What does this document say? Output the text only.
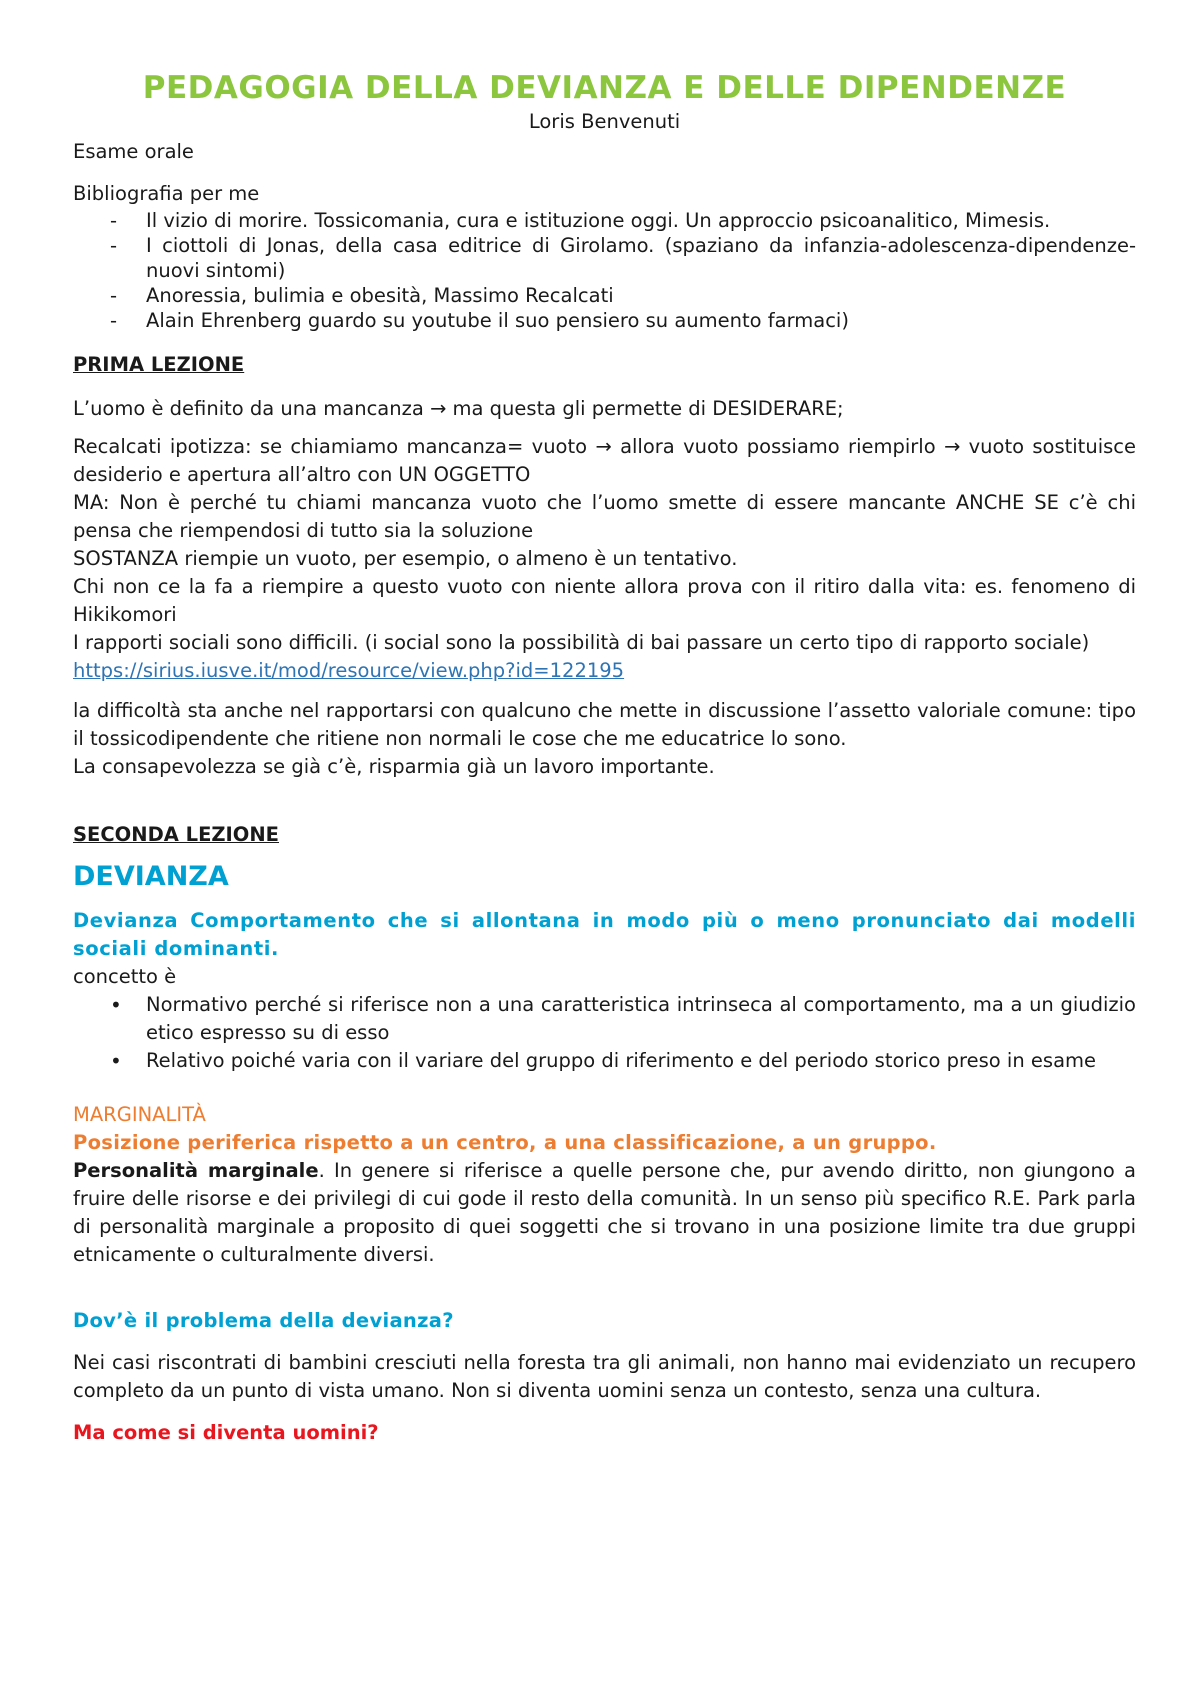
PEDAGOGIA DELLA DEVIANZA E DELLE DIPENDENZE

Loris Benvenuti

Esame orale

Bibliografia per me

- Il vizio di morire. Tossicomania, cura e istituzione oggi. Un approccio psicoanalitico, Mimesis.
- I ciottoli di Jonas, della casa editrice di Girolamo. (spaziano da infanzia-adolescenza-dipendenze- nuovi sintomi)
- Anoressia, bulimia e obesità, Massimo Recalcati
- Alain Ehrenberg guardo su youtube il suo pensiero su aumento farmaci)

PRIMA LEZIONE

L’uomo è definito da una mancanza → ma questa gli permette di DESIDERARE;

Recalcati ipotizza: se chiamiamo mancanza= vuoto → allora vuoto possiamo riempirlo → vuoto sostituisce desiderio e apertura all’altro con UN OGGETTO

MA: Non è perché tu chiami mancanza vuoto che l’uomo smette di essere mancante ANCHE SE c’è chi pensa che riempendosi di tutto sia la soluzione

SOSTANZA riempie un vuoto, per esempio, o almeno è un tentativo.

Chi non ce la fa a riempire a questo vuoto con niente allora prova con il ritiro dalla vita: es. fenomeno di Hikikomori

I rapporti sociali sono difficili. (i social sono la possibilità di bai passare un certo tipo di rapporto sociale)

https://sirius.iusve.it/mod/resource/view.php?id=122195

la difficoltà sta anche nel rapportarsi con qualcuno che mette in discussione l’assetto valoriale comune: tipo il tossicodipendente che ritiene non normali le cose che me educatrice lo sono.

La consapevolezza se già c’è, risparmia già un lavoro importante.

SECONDA LEZIONE

DEVIANZA

Devianza Comportamento che si allontana in modo più o meno pronunciato dai modelli sociali dominanti.

concetto è

• Normativo perché si riferisce non a una caratteristica intrinseca al comportamento, ma a un giudizio etico espresso su di esso
• Relativo poiché varia con il variare del gruppo di riferimento e del periodo storico preso in esame

MARGINALITÀ

Posizione periferica rispetto a un centro, a una classificazione, a un gruppo.

Personalità marginale. In genere si riferisce a quelle persone che, pur avendo diritto, non giungono a fruire delle risorse e dei privilegi di cui gode il resto della comunità. In un senso più specifico R.E. Park parla di personalità marginale a proposito di quei soggetti che si trovano in una posizione limite tra due gruppi etnicamente o culturalmente diversi.

Dov’è il problema della devianza?

Nei casi riscontrati di bambini cresciuti nella foresta tra gli animali, non hanno mai evidenziato un recupero completo da un punto di vista umano. Non si diventa uomini senza un contesto, senza una cultura.

Ma come si diventa uomini?
